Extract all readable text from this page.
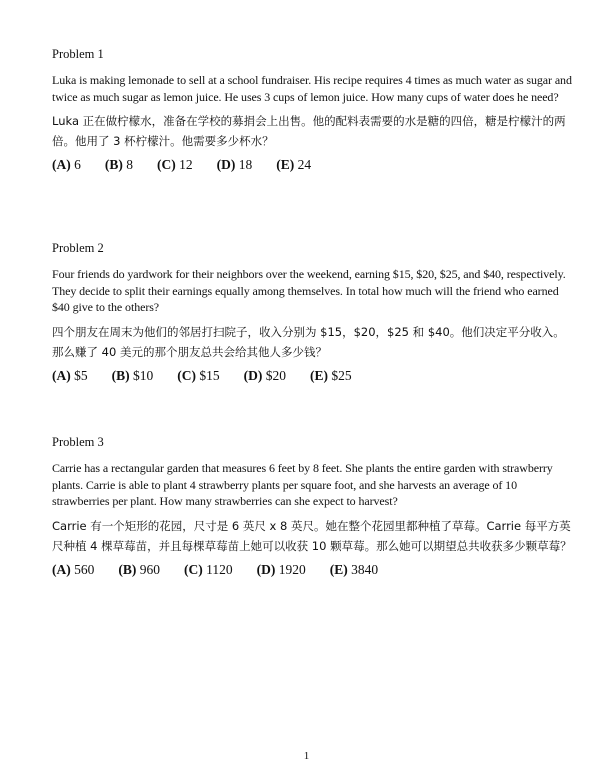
Problem 1
Luka is making lemonade to sell at a school fundraiser. His recipe requires 4 times as much water as sugar and twice as much sugar as lemon juice. He uses 3 cups of lemon juice. How many cups of water does he need?
Luka 正在做柠檬水，准备在学校的募捐会上出售。他的配料表需要的水是糖的四倍，糖是柠檬汁的两倍。他用了 3 杯柠檬汁。他需要多少杯水？
(A) 6 (B) 8 (C) 12 (D) 18 (E) 24
Problem 2
Four friends do yardwork for their neighbors over the weekend, earning $15, $20, $25, and $40, respectively. They decide to split their earnings equally among themselves. In total how much will the friend who earned $40 give to the others?
四个朋友在周末为他们的邻居打扫院子，收入分别为 $15，$20，$25 和 $40。他们决定平分收入。那么赚了 40 美元的那个朋友总共会给其他人多少钱？
(A) $5 (B) $10 (C) $15 (D) $20 (E) $25
Problem 3
Carrie has a rectangular garden that measures 6 feet by 8 feet. She plants the entire garden with strawberry plants. Carrie is able to plant 4 strawberry plants per square foot, and she harvests an average of 10 strawberries per plant. How many strawberries can she expect to harvest?
Carrie 有一个矩形的花园，尺寸是 6 英尺 x 8 英尺。她在整个花园里都种植了草莓。Carrie 每平方英尺种植 4 棵草莓苗，并且每棵草莓苗上她可以收获 10 颗草莓。那么她可以期望总共收获多少颗草莓？
(A) 560 (B) 960 (C) 1120 (D) 1920 (E) 3840
1
